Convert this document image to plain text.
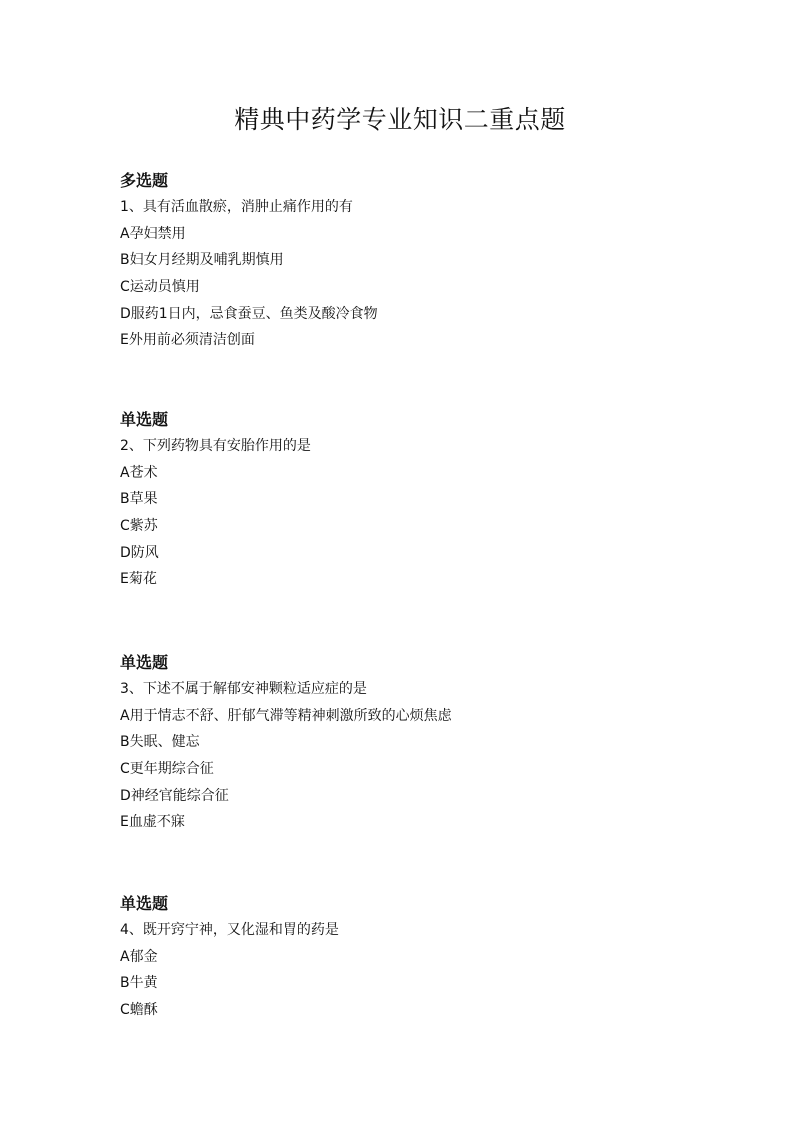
精典中药学专业知识二重点题
多选题
1、具有活血散瘀，消肿止痛作用的有
A孕妇禁用
B妇女月经期及哺乳期慎用
C运动员慎用
D服药1日内，忌食蚕豆、鱼类及酸冷食物
E外用前必须清洁创面
单选题
2、下列药物具有安胎作用的是
A苍术
B草果
C紫苏
D防风
E菊花
单选题
3、下述不属于解郁安神颗粒适应症的是
A用于情志不舒、肝郁气滞等精神刺激所致的心烦焦虑
B失眠、健忘
C更年期综合征
D神经官能综合征
E血虚不寐
单选题
4、既开窍宁神，又化湿和胃的药是
A郁金
B牛黄
C蟾酥
